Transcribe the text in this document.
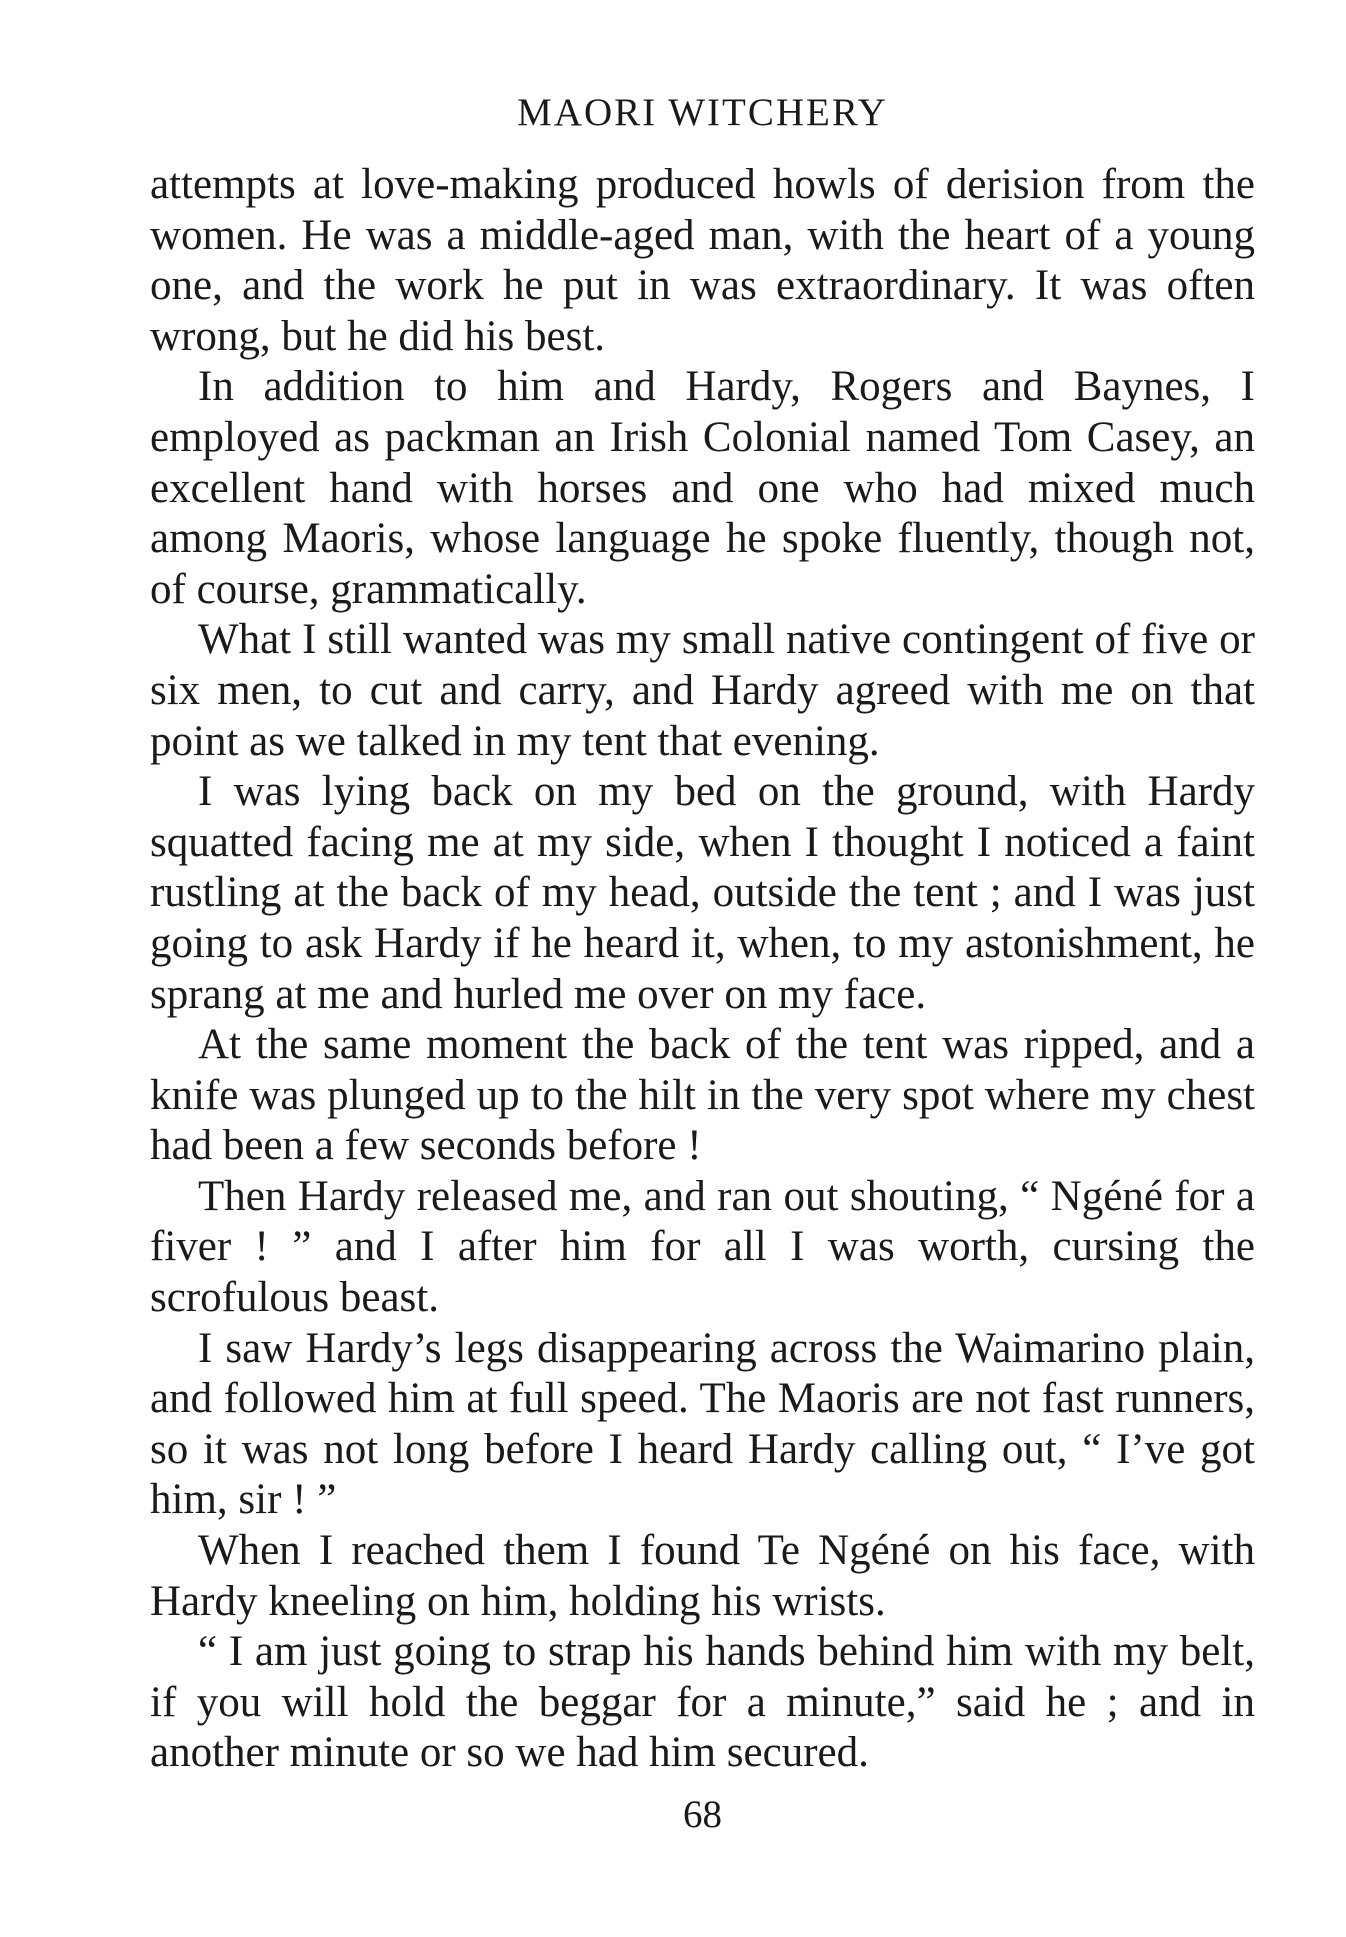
MAORI WITCHERY

attempts at love-making produced howls of derision from the women. He was a middle-aged man, with the heart of a young one, and the work he put in was extraordinary. It was often wrong, but he did his best.

In addition to him and Hardy, Rogers and Baynes, I employed as packman an Irish Colonial named Tom Casey, an excellent hand with horses and one who had mixed much among Maoris, whose language he spoke fluently, though not, of course, grammatically.

What I still wanted was my small native contingent of five or six men, to cut and carry, and Hardy agreed with me on that point as we talked in my tent that evening.

I was lying back on my bed on the ground, with Hardy squatted facing me at my side, when I thought I noticed a faint rustling at the back of my head, outside the tent ; and I was just going to ask Hardy if he heard it, when, to my astonishment, he sprang at me and hurled me over on my face.

At the same moment the back of the tent was ripped, and a knife was plunged up to the hilt in the very spot where my chest had been a few seconds before !

Then Hardy released me, and ran out shouting, “ Ngéné for a fiver ! ” and I after him for all I was worth, cursing the scrofulous beast.

I saw Hardy’s legs disappearing across the Waimarino plain, and followed him at full speed. The Maoris are not fast runners, so it was not long before I heard Hardy calling out, “ I’ve got him, sir ! ”

When I reached them I found Te Ngéné on his face, with Hardy kneeling on him, holding his wrists.

“ I am just going to strap his hands behind him with my belt, if you will hold the beggar for a minute,” said he ; and in another minute or so we had him secured.

68
